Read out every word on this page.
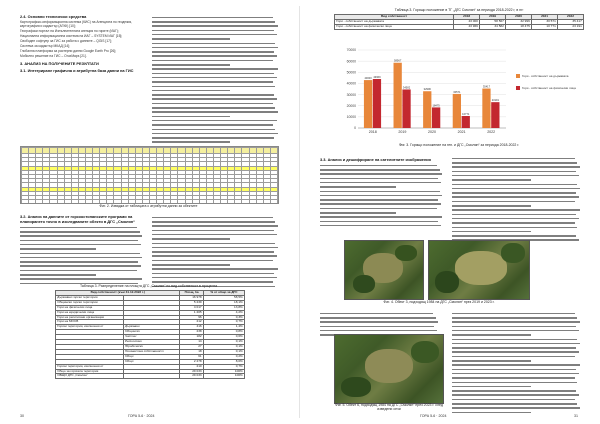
2.4. Основни технически средства
Картографско-информационна система (КИС) на Агенцията по геодезия, картография и кадастър (АГКК) [10];
Географски портал на Изпълнителната агенция по горите (ИАГ);
Национална информационна система на ИАГ – SYSTEM ИАГ [15];
Свободен софтуер за ГИС за работа с данните – QGIS [17];
Система за кадастър МКАД [14];
Глобална платформа за растерни данни Google Earth Pro [26];
Мобилно решение на ГИС – OruxMaps [21].
3. АНАЛИЗ НА ПОЛУЧЕНИТЕ РЕЗУЛТАТИ
3.1. Интегриране графична и атрибутна база данни на ГИС

Фиг. 2. Извадка от таблицата с атрибутни данни за обектите
3.2. Анализ на данните от горскостопанските програми на планирането точно в изследваните обекти в ДГС „Смолян“
Таблица 3. Разпределение на площта ДГС „Смолян“ по вид собственост в процента
Вид собственост (към 31.12.2022 г.)		Площ, ha	% от общо за ДГС
Държавни горски територии		16 978	58,5%
Общински горски територии		5 239	18,1%
Гори на физически лица		4 017	13,8%
Гори на юридически лица		1 205	4,2%
Гори на религиозни организации		96	0,3%
Гори на МОСВ		212	0,7%
Горски територии, изключени от	Държавни	416	1,4%
	Общински	238	0,8%
	Частни	182	0,6%
	Религиозни	14	0,1%
	Юридически	27	0,1%
	Неизвестна собственост	18	0,1%
	Общи	61	0,2%
	Общо	2 278	8,0%
Горски територии, изключени от		210	0,7%
Общо за горската територия		29 033	100%
ОБЩО ДГС „Смолян“		29 033	100%
30	ГОРА 5-6 · 2024
Таблица 3. Горящо положение в ТГ „ДГС Смолян“ за периода 2018-2022 г, в m³
Вид собственост	2018	2019	2020	2021	2022
Гори - собственост на държавата	43 000	58 567	32 996	30 571	35 417
Гори - собственост на физически лица	43 969	34 582	18 475	10 771	23 191
0
10000
20000
30000
40000
50000
60000
70000
43000 43969
2018
58567
34582
2019
32996
18475
2020
30571
10771
2021
35417
23191
2022
Гори - собственост на държавата
Гори - собственост на физически лица
Фиг. 3. Горящо положение на ген. и ДГС „Смолян“ за периода 2018-2022 г.
3.3. Анализ и дешифриране на сателитните изображения
Фиг. 4. Обект 3, подходящ 1984 на ДГС „Смолян“ през 2019 и 2023 г.
Фиг. 5. Обект 6, подходящ 1984 на ДГС „Смолян“ през 2023 г. след изведени сечи
ГОРА 5-6 · 2024	31
